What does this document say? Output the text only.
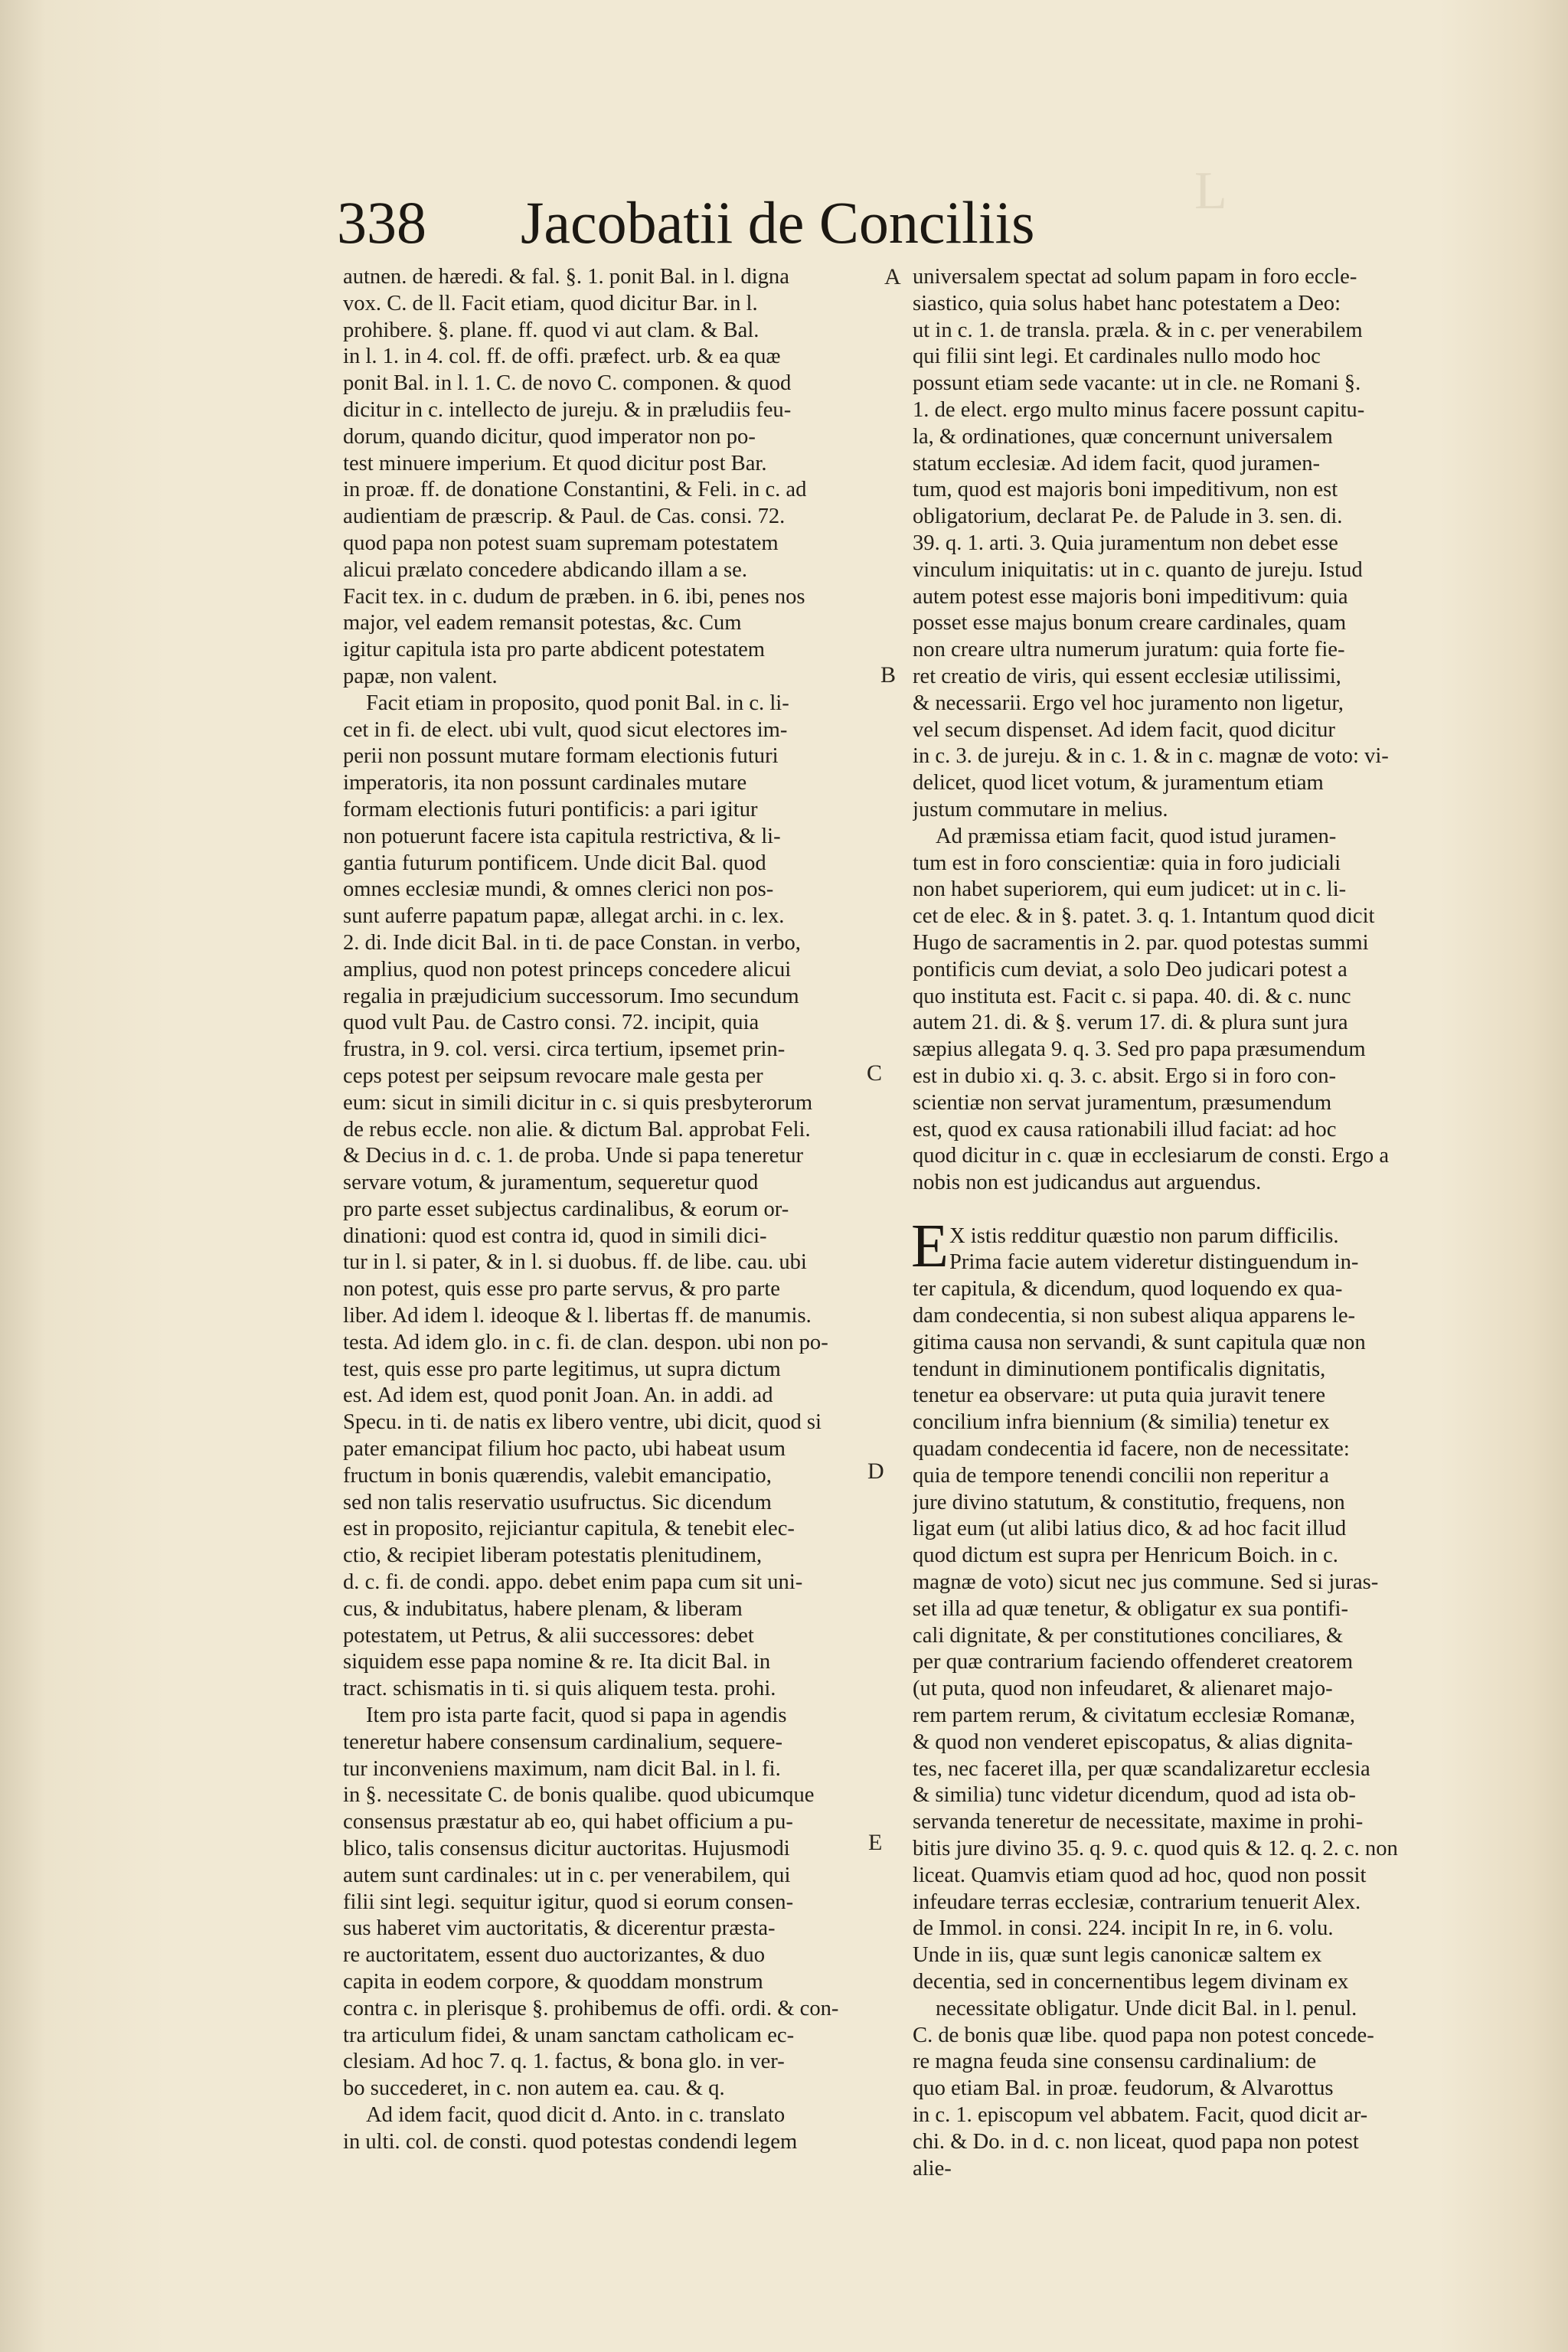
L
338	Jacobatii de Conciliis
autnen. de hæredi. & fal. §. 1. ponit Bal. in l. digna
vox. C. de ll. Facit etiam, quod dicitur Bar. in l.
prohibere. §. plane. ff. quod vi aut clam. & Bal.
in l. 1. in 4. col. ff. de offi. præfect. urb. & ea quæ
ponit Bal. in l. 1. C. de novo C. componen. & quod
dicitur in c. intellecto de jureju. & in præludiis feu-
dorum, quando dicitur, quod imperator non po-
test minuere imperium. Et quod dicitur post Bar.
in proæ. ff. de donatione Constantini, & Feli. in c. ad
audientiam de præscrip. & Paul. de Cas. consi. 72.
quod papa non potest suam supremam potestatem
alicui prælato concedere abdicando illam a se.
Facit tex. in c. dudum de præben. in 6. ibi, penes nos
major, vel eadem remansit potestas, &c. Cum
igitur capitula ista pro parte abdicent potestatem
papæ, non valent.
Facit etiam in proposito, quod ponit Bal. in c. li-
cet in fi. de elect. ubi vult, quod sicut electores im-
perii non possunt mutare formam electionis futuri
imperatoris, ita non possunt cardinales mutare
formam electionis futuri pontificis: a pari igitur
non potuerunt facere ista capitula restrictiva, & li-
gantia futurum pontificem. Unde dicit Bal. quod
omnes ecclesiæ mundi, & omnes clerici non pos-
sunt auferre papatum papæ, allegat archi. in c. lex.
2. di. Inde dicit Bal. in ti. de pace Constan. in verbo,
amplius, quod non potest princeps concedere alicui
regalia in præjudicium successorum. Imo secundum
quod vult Pau. de Castro consi. 72. incipit, quia
frustra, in 9. col. versi. circa tertium, ipsemet prin-
ceps potest per seipsum revocare male gesta per
eum: sicut in simili dicitur in c. si quis presbyterorum
de rebus eccle. non alie. & dictum Bal. approbat Feli.
& Decius in d. c. 1. de proba. Unde si papa teneretur
servare votum, & juramentum, sequeretur quod
pro parte esset subjectus cardinalibus, & eorum or-
dinationi: quod est contra id, quod in simili dici-
tur in l. si pater, & in l. si duobus. ff. de libe. cau. ubi
non potest, quis esse pro parte servus, & pro parte
liber. Ad idem l. ideoque & l. libertas ff. de manumis.
testa. Ad idem glo. in c. fi. de clan. despon. ubi non po-
test, quis esse pro parte legitimus, ut supra dictum
est. Ad idem est, quod ponit Joan. An. in addi. ad
Specu. in ti. de natis ex libero ventre, ubi dicit, quod si
pater emancipat filium hoc pacto, ubi habeat usum
fructum in bonis quærendis, valebit emancipatio,
sed non talis reservatio usufructus. Sic dicendum
est in proposito, rejiciantur capitula, & tenebit elec-
ctio, & recipiet liberam potestatis plenitudinem,
d. c. fi. de condi. appo. debet enim papa cum sit uni-
cus, & indubitatus, habere plenam, & liberam
potestatem, ut Petrus, & alii successores: debet
siquidem esse papa nomine & re. Ita dicit Bal. in
tract. schismatis in ti. si quis aliquem testa. prohi.
Item pro ista parte facit, quod si papa in agendis
teneretur habere consensum cardinalium, sequere-
tur inconveniens maximum, nam dicit Bal. in l. fi.
in §. necessitate C. de bonis qualibe. quod ubicumque
consensus præstatur ab eo, qui habet officium a pu-
blico, talis consensus dicitur auctoritas. Hujusmodi
autem sunt cardinales: ut in c. per venerabilem, qui
filii sint legi. sequitur igitur, quod si eorum consen-
sus haberet vim auctoritatis, & dicerentur præsta-
re auctoritatem, essent duo auctorizantes, & duo
capita in eodem corpore, & quoddam monstrum
contra c. in plerisque §. prohibemus de offi. ordi. & con-
tra articulum fidei, & unam sanctam catholicam ec-
clesiam. Ad hoc 7. q. 1. factus, & bona glo. in ver-
bo succederet, in c. non autem ea. cau. & q.
Ad idem facit, quod dicit d. Anto. in c. translato
in ulti. col. de consti. quod potestas condendi legem
universalem spectat ad solum papam in foro eccle-
siastico, quia solus habet hanc potestatem a Deo:
ut in c. 1. de transla. præla. & in c. per venerabilem
qui filii sint legi. Et cardinales nullo modo hoc
possunt etiam sede vacante: ut in cle. ne Romani §.
1. de elect. ergo multo minus facere possunt capitu-
la, & ordinationes, quæ concernunt universalem
statum ecclesiæ. Ad idem facit, quod juramen-
tum, quod est majoris boni impeditivum, non est
obligatorium, declarat Pe. de Palude in 3. sen. di.
39. q. 1. arti. 3. Quia juramentum non debet esse
vinculum iniquitatis: ut in c. quanto de jureju. Istud
autem potest esse majoris boni impeditivum: quia
posset esse majus bonum creare cardinales, quam
non creare ultra numerum juratum: quia forte fie-
ret creatio de viris, qui essent ecclesiæ utilissimi,
& necessarii. Ergo vel hoc juramento non ligetur,
vel secum dispenset. Ad idem facit, quod dicitur
in c. 3. de jureju. & in c. 1. & in c. magnæ de voto: vi-
delicet, quod licet votum, & juramentum etiam
justum commutare in melius.
Ad præmissa etiam facit, quod istud juramen-
tum est in foro conscientiæ: quia in foro judiciali
non habet superiorem, qui eum judicet: ut in c. li-
cet de elec. & in §. patet. 3. q. 1. Intantum quod dicit
Hugo de sacramentis in 2. par. quod potestas summi
pontificis cum deviat, a solo Deo judicari potest a
quo instituta est. Facit c. si papa. 40. di. & c. nunc
autem 21. di. & §. verum 17. di. & plura sunt jura
sæpius allegata 9. q. 3. Sed pro papa præsumendum
est in dubio xi. q. 3. c. absit. Ergo si in foro con-
scientiæ non servat juramentum, præsumendum
est, quod ex causa rationabili illud faciat: ad hoc
quod dicitur in c. quæ in ecclesiarum de consti. Ergo a
nobis non est judicandus aut arguendus.
E X istis redditur quæstio non parum difficilis.
Prima facie autem videretur distinguendum in-
ter capitula, & dicendum, quod loquendo ex qua-
dam condecentia, si non subest aliqua apparens le-
gitima causa non servandi, & sunt capitula quæ non
tendunt in diminutionem pontificalis dignitatis,
tenetur ea observare: ut puta quia juravit tenere
concilium infra biennium (& similia) tenetur ex
quadam condecentia id facere, non de necessitate:
quia de tempore tenendi concilii non reperitur a
jure divino statutum, & constitutio, frequens, non
ligat eum (ut alibi latius dico, & ad hoc facit illud
quod dictum est supra per Henricum Boich. in c.
magnæ de voto) sicut nec jus commune. Sed si juras-
set illa ad quæ tenetur, & obligatur ex sua pontifi-
cali dignitate, & per constitutiones conciliares, &
per quæ contrarium faciendo offenderet creatorem
(ut puta, quod non infeudaret, & alienaret majo-
rem partem rerum, & civitatum ecclesiæ Romanæ,
& quod non venderet episcopatus, & alias dignita-
tes, nec faceret illa, per quæ scandalizaretur ecclesia
& similia) tunc videtur dicendum, quod ad ista ob-
servanda teneretur de necessitate, maxime in prohi-
bitis jure divino 35. q. 9. c. quod quis & 12. q. 2. c. non
liceat. Quamvis etiam quod ad hoc, quod non possit
infeudare terras ecclesiæ, contrarium tenuerit Alex.
de Immol. in consi. 224. incipit In re, in 6. volu.
Unde in iis, quæ sunt legis canonicæ saltem ex
decentia, sed in concernentibus legem divinam ex
necessitate obligatur. Unde dicit Bal. in l. penul.
C. de bonis quæ libe. quod papa non potest concede-
re magna feuda sine consensu cardinalium: de
quo etiam Bal. in proæ. feudorum, & Alvarottus
in c. 1. episcopum vel abbatem. Facit, quod dicit ar-
chi. & Do. in d. c. non liceat, quod papa non potest
alie-
A
B
C
D
E
